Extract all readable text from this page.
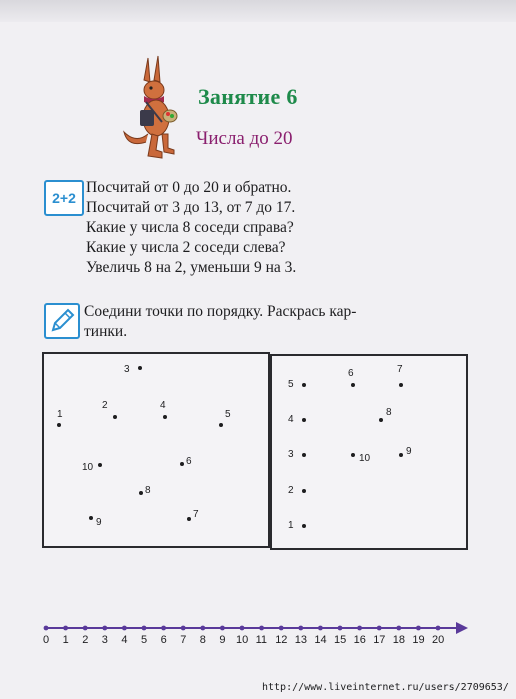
Занятие 6
Числа до 20
2+2
Посчитай от 0 до 20 и обратно.
Посчитай от 3 до 13, от 7 до 17.
Какие у числа 8 соседи справа?
Какие у числа 2 соседи слева?
Увеличь 8 на 2, уменьши 9 на 3.
Соедини точки по порядку. Раскрась кар-
тинки.
1
2
3
4
5
6
7
8
9
10
1
2
3
4
5
6	7
8
9
10
0 1 2 3 4 5 6 7 8 9 10 11 12 13 14 15 16 17 18 19 20
http://www.liveinternet.ru/users/2709653/
